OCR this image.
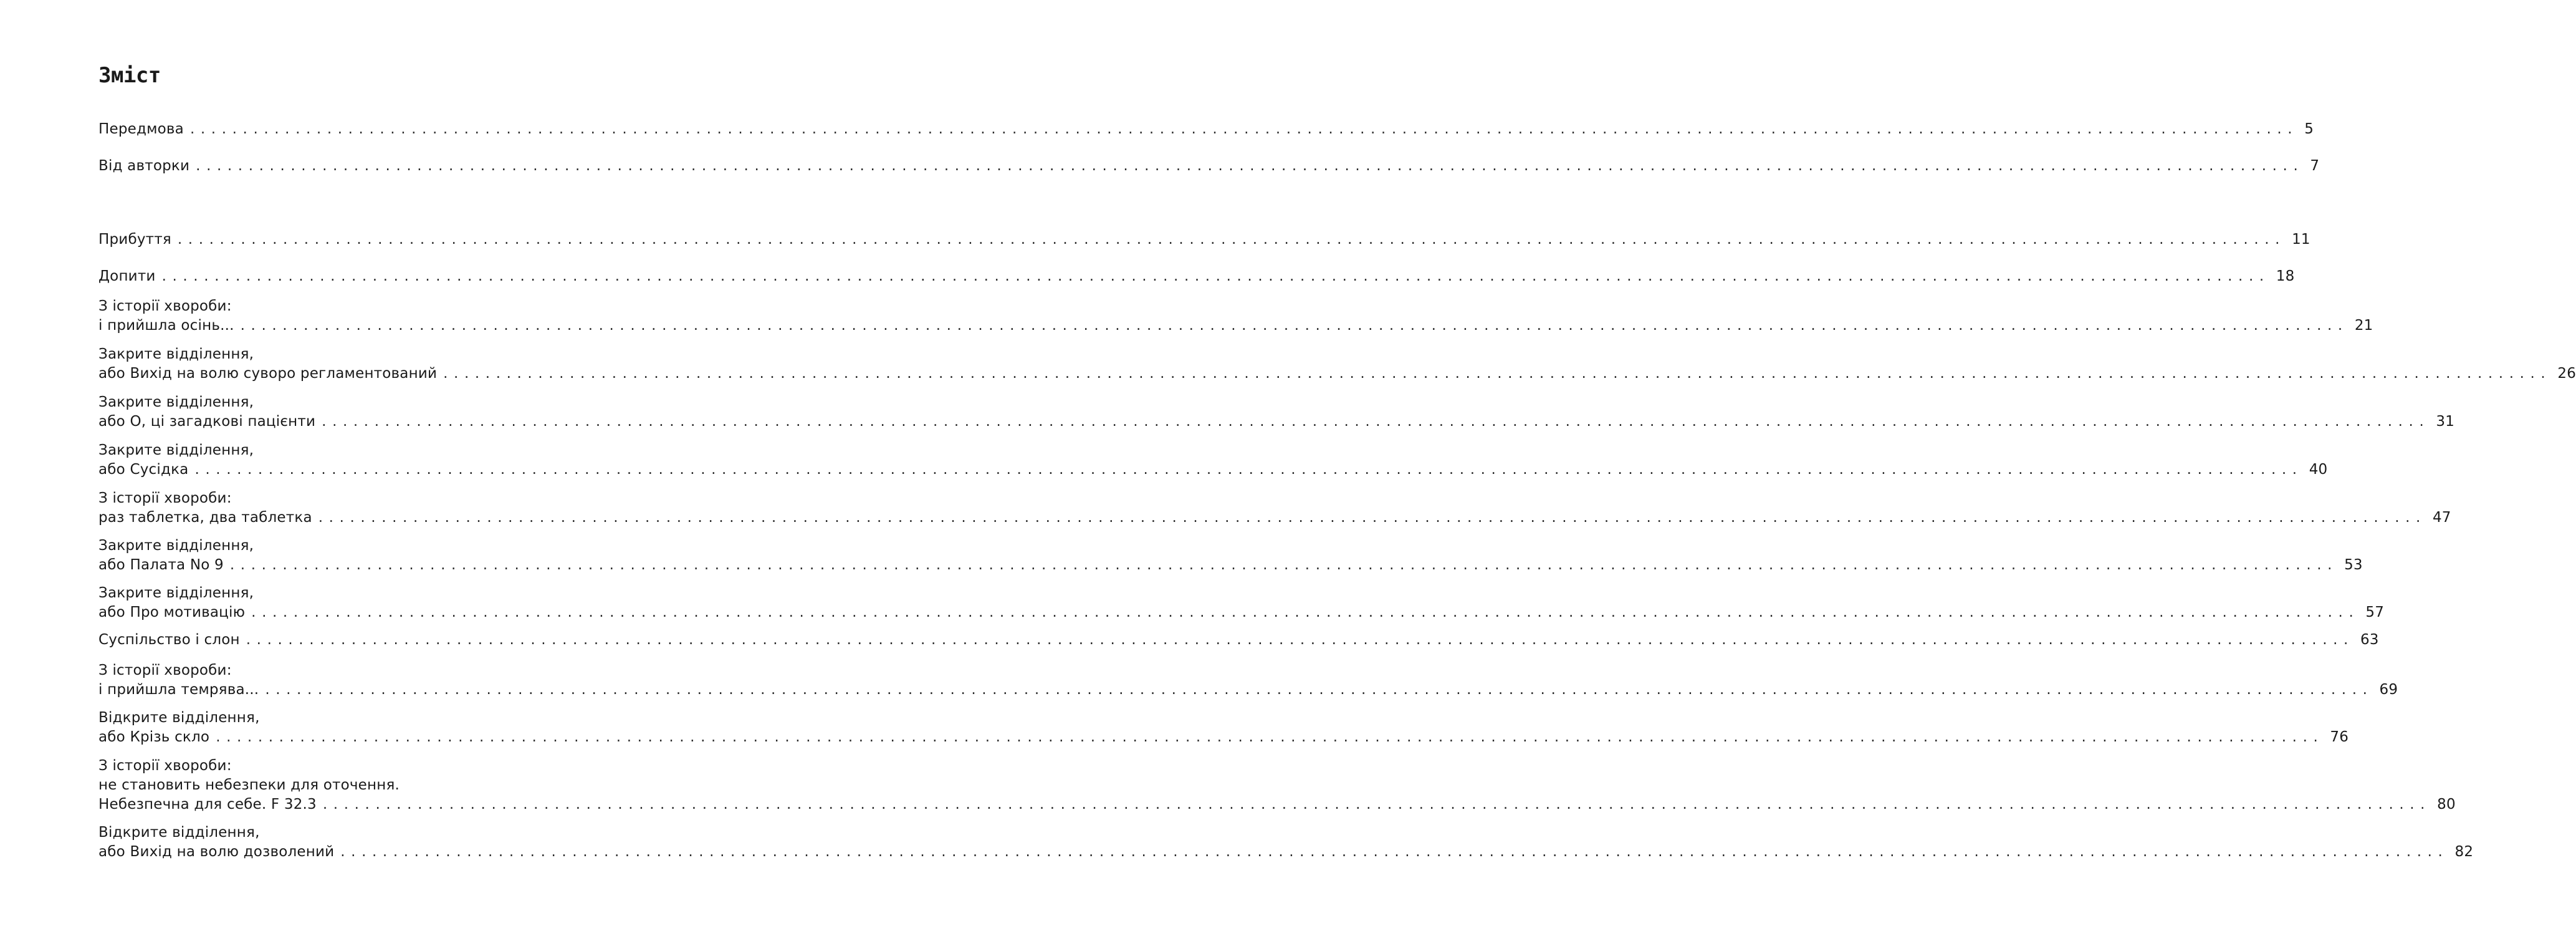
Зміст
Передмова ........................................................................................................................................................................................................ 5
Від авторки ........................................................................................................................................................................................................ 7
Прибуття ........................................................................................................................................................................................................ 11
Допити ........................................................................................................................................................................................................ 18
З історії хвороби:
і прийшла осінь... ........................................................................................................................................................................................................ 21
Закрите відділення,
або Вихід на волю суворо регламентований ........................................................................................................................................................................................................ 26
Закрите відділення,
або О, ці загадкові пацієнти ........................................................................................................................................................................................................ 31
Закрите відділення,
або Сусідка ........................................................................................................................................................................................................ 40
З історії хвороби:
раз таблетка, два таблетка ........................................................................................................................................................................................................ 47
Закрите відділення,
або Палата No 9 ........................................................................................................................................................................................................ 53
Закрите відділення,
або Про мотивацію ........................................................................................................................................................................................................ 57
Суспільство і слон ........................................................................................................................................................................................................ 63
З історії хвороби:
і прийшла темрява... ........................................................................................................................................................................................................ 69
Відкрите відділення,
або Крізь скло ........................................................................................................................................................................................................ 76
З історії хвороби:
не становить небезпеки для оточення.
Небезпечна для себе. F 32.3 ........................................................................................................................................................................................................ 80
Відкрите відділення,
або Вихід на волю дозволений ........................................................................................................................................................................................................ 82
